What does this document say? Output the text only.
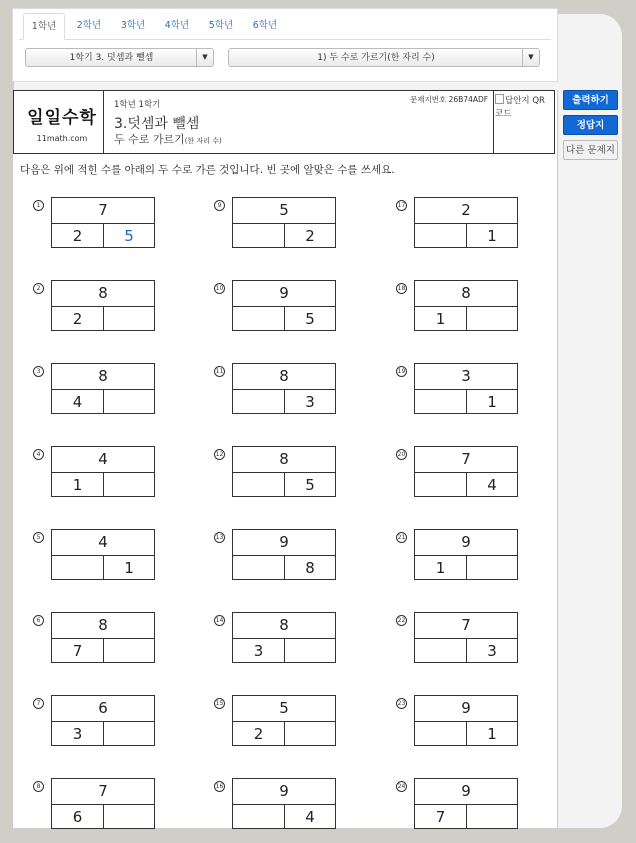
1학년	2학년	3학년	4학년	5학년	6학년
1학기 3. 덧셈과 뺄셈	▼	1) 두 수로 가르기(한 자리 수)	▼
출력하기
정답지
다른 문제지
일일수학
11math.com
1학년 1학기
3.덧셈과 뺄셈
두 수로 가르기(한 자리 수)
문제지번호 26B74ADF	답안지 QR코드
다음은 위에 적힌 수를 아래의 두 수로 가른 것입니다. 빈 곳에 알맞은 수를 쓰세요.
1	7
2	5
2	8
2
3	8
4
4	4
1
5	4
1
6	8
7
7	6
3
8	7
6
9	5
2
10	9
5
11	8
3
12	8
5
13	9
8
14	8
3
15	5
2
16	9
4
17	2
1
18	8
1
19	3
1
20	7
4
21	9
1
22	7
3
23	9
1
24	9
7
